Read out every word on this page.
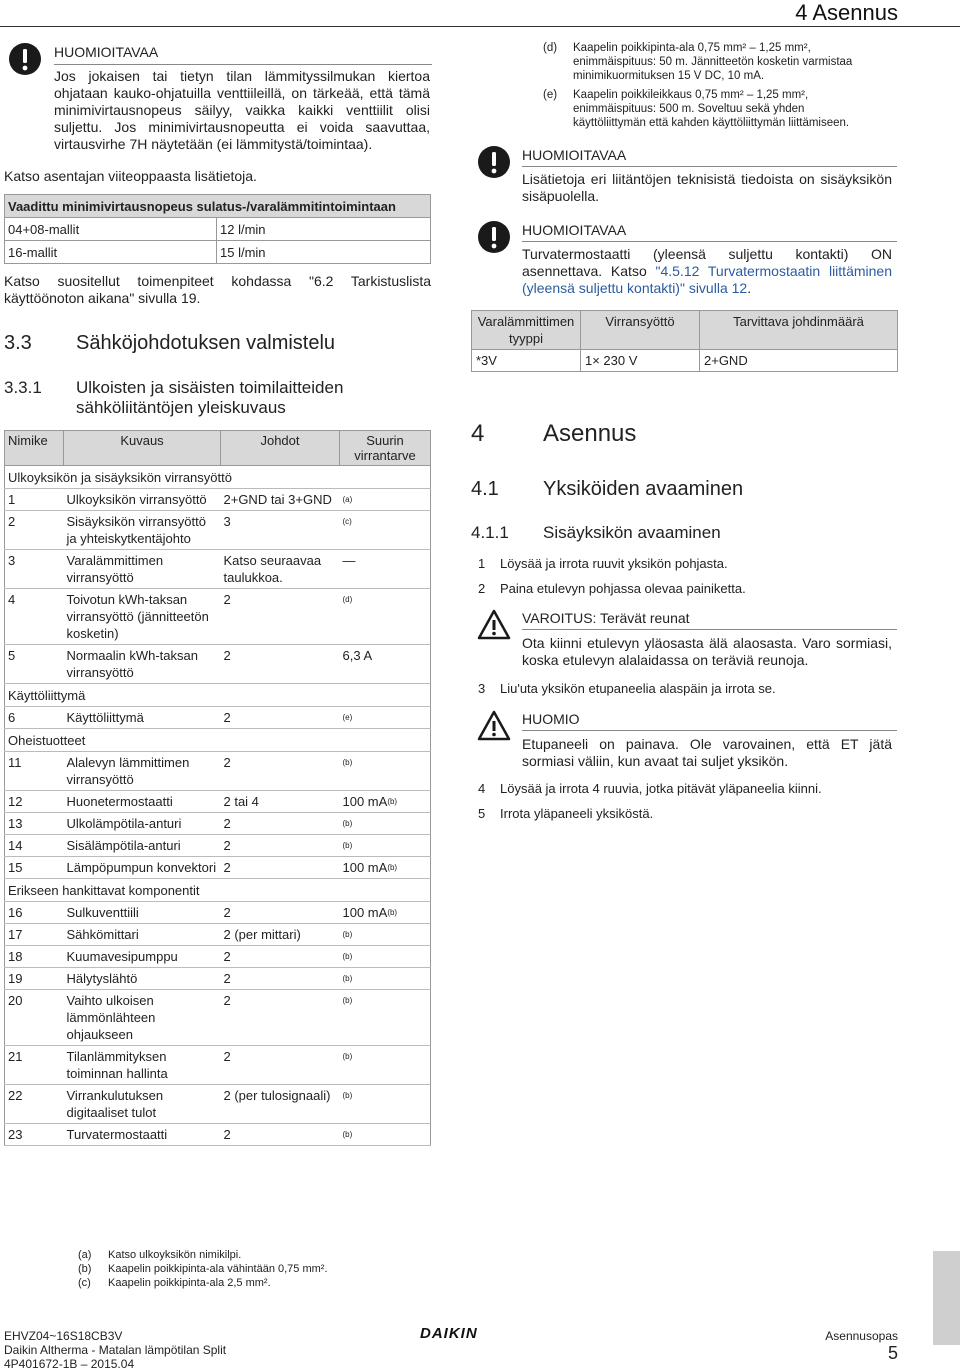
4 Asennus
HUOMIOITAVAA
Jos jokaisen tai tietyn tilan lämmityssilmukan kiertoa ohjataan kauko-ohjatuilla venttiileillä, on tärkeää, että tämä minimivirtausnopeus säilyy, vaikka kaikki venttiilit olisi suljettu. Jos minimivirtausnopeutta ei voida saavuttaa, virtausvirhe 7H näytetään (ei lämmitystä/toimintaa).
Katso asentajan viiteoppaasta lisätietoja.
Vaadittu minimivirtausnopeus sulatus-/varalämmitintoimintaan	
04+08-mallit	12 l/min
16-mallit	15 l/min
Katso suositellut toimenpiteet kohdassa "6.2 Tarkistuslista käyttöönoton aikana" sivulla 19.
3.3 Sähköjohdotuksen valmistelu
3.3.1 Ulkoisten ja sisäisten toimilaitteiden sähköliitäntöjen yleiskuvaus
Nimike	Kuvaus	Johdot	Suurin virrantarve
Ulkoyksikön ja sisäyksikön virransyöttö			
1	Ulkoyksikön virransyöttö	2+GND tai 3+GND	$^{(a)}$
2	Sisäyksikön virransyöttö ja yhteiskytkentäjohto	3	$^{(c)}$
3	Varalämmittimen virransyöttö	Katso seuraavaa taulukkoa.	—
4	Toivotun kWh-taksan virransyöttö (jännitteetön kosketin)	2	$^{(d)}$
5	Normaalin kWh-taksan virransyöttö	2	6,3 A
Käyttöliittymä			
6	Käyttöliittymä	2	$^{(e)}$
Oheistuotteet			
11	Alalevyn lämmittimen virransyöttö	2	$^{(b)}$
12	Huonetermostaatti	2 tai 4	100 $mA^{(b)}$
13	Ulkolämpötila-anturi	2	$^{(b)}$
14	Sisälämpötila-anturi	2	$^{(b)}$
15	Lämpöpumpun konvektori	2	100 $mA^{(b)}$
Erikseen hankittavat komponentit			
16	Sulkuventtiili	2	100 $mA^{(b)}$
17	Sähkömittari	2 (per mittari)	$^{(b)}$
18	Kuumavesipumppu	2	$^{(b)}$
19	Hälytyslähtö	2	$^{(b)}$
20	Vaihto ulkoisen lämmönlähteen ohjaukseen	2	$^{(b)}$
21	Tilanlämmityksen toiminnan hallinta	2	$^{(b)}$
22	Virrankulutuksen digitaaliset tulot	2 (per tulosignaali)	$^{(b)}$
23	Turvatermostaatti	2	$^{(b)}$
(a) Katso ulkoyksikön nimikilpi.
(b) Kaapelin poikkipinta-ala vähintään 0,75 mm².
(c) Kaapelin poikkipinta-ala 2,5 mm².
(d) Kaapelin poikkipinta-ala 0,75 mm² – 1,25 mm²,
enimmäispituus: 50 m. Jännitteetön kosketin varmistaa
minimikuormituksen 15 V DC, 10 mA.
(e) Kaapelin poikkileikkaus 0,75 mm² – 1,25 mm²,
enimmäispituus: 500 m. Soveltuu sekä yhden
käyttöliittymän että kahden käyttöliittymän liittämiseen.
HUOMIOITAVAA
Lisätietoja eri liitäntöjen teknisistä tiedoista on sisäyksikön sisäpuolella.
HUOMIOITAVAA
Turvatermostaatti (yleensä suljettu kontakti) ON asennettava. Katso "4.5.12 Turvatermostaatin liittäminen (yleensä suljettu kontakti)" sivulla 12.
Varalämmittimen tyyppi	Virransyöttö	Tarvittava johdinmäärä
*3V	1× 230 V	2+GND
4 Asennus
4.1 Yksiköiden avaaminen
4.1.1 Sisäyksikön avaaminen
1 Löysää ja irrota ruuvit yksikön pohjasta.
2 Paina etulevyn pohjassa olevaa painiketta.
VAROITUS: Terävät reunat
Ota kiinni etulevyn yläosasta älä alaosasta. Varo sormiasi, koska etulevyn alalaidassa on teräviä reunoja.
3 Liu'uta yksikön etupaneelia alaspäin ja irrota se.
HUOMIO
Etupaneeli on painava. Ole varovainen, että ET jätä sormiasi väliin, kun avaat tai suljet yksikön.
4 Löysää ja irrota 4 ruuvia, jotka pitävät yläpaneelia kiinni.
5 Irrota yläpaneeli yksiköstä.
EHVZ04~16S18CB3V
Daikin Altherma - Matalan lämpötilan Split
4P401672-1B – 2015.04
DAIKIN	Asennusopas
5
